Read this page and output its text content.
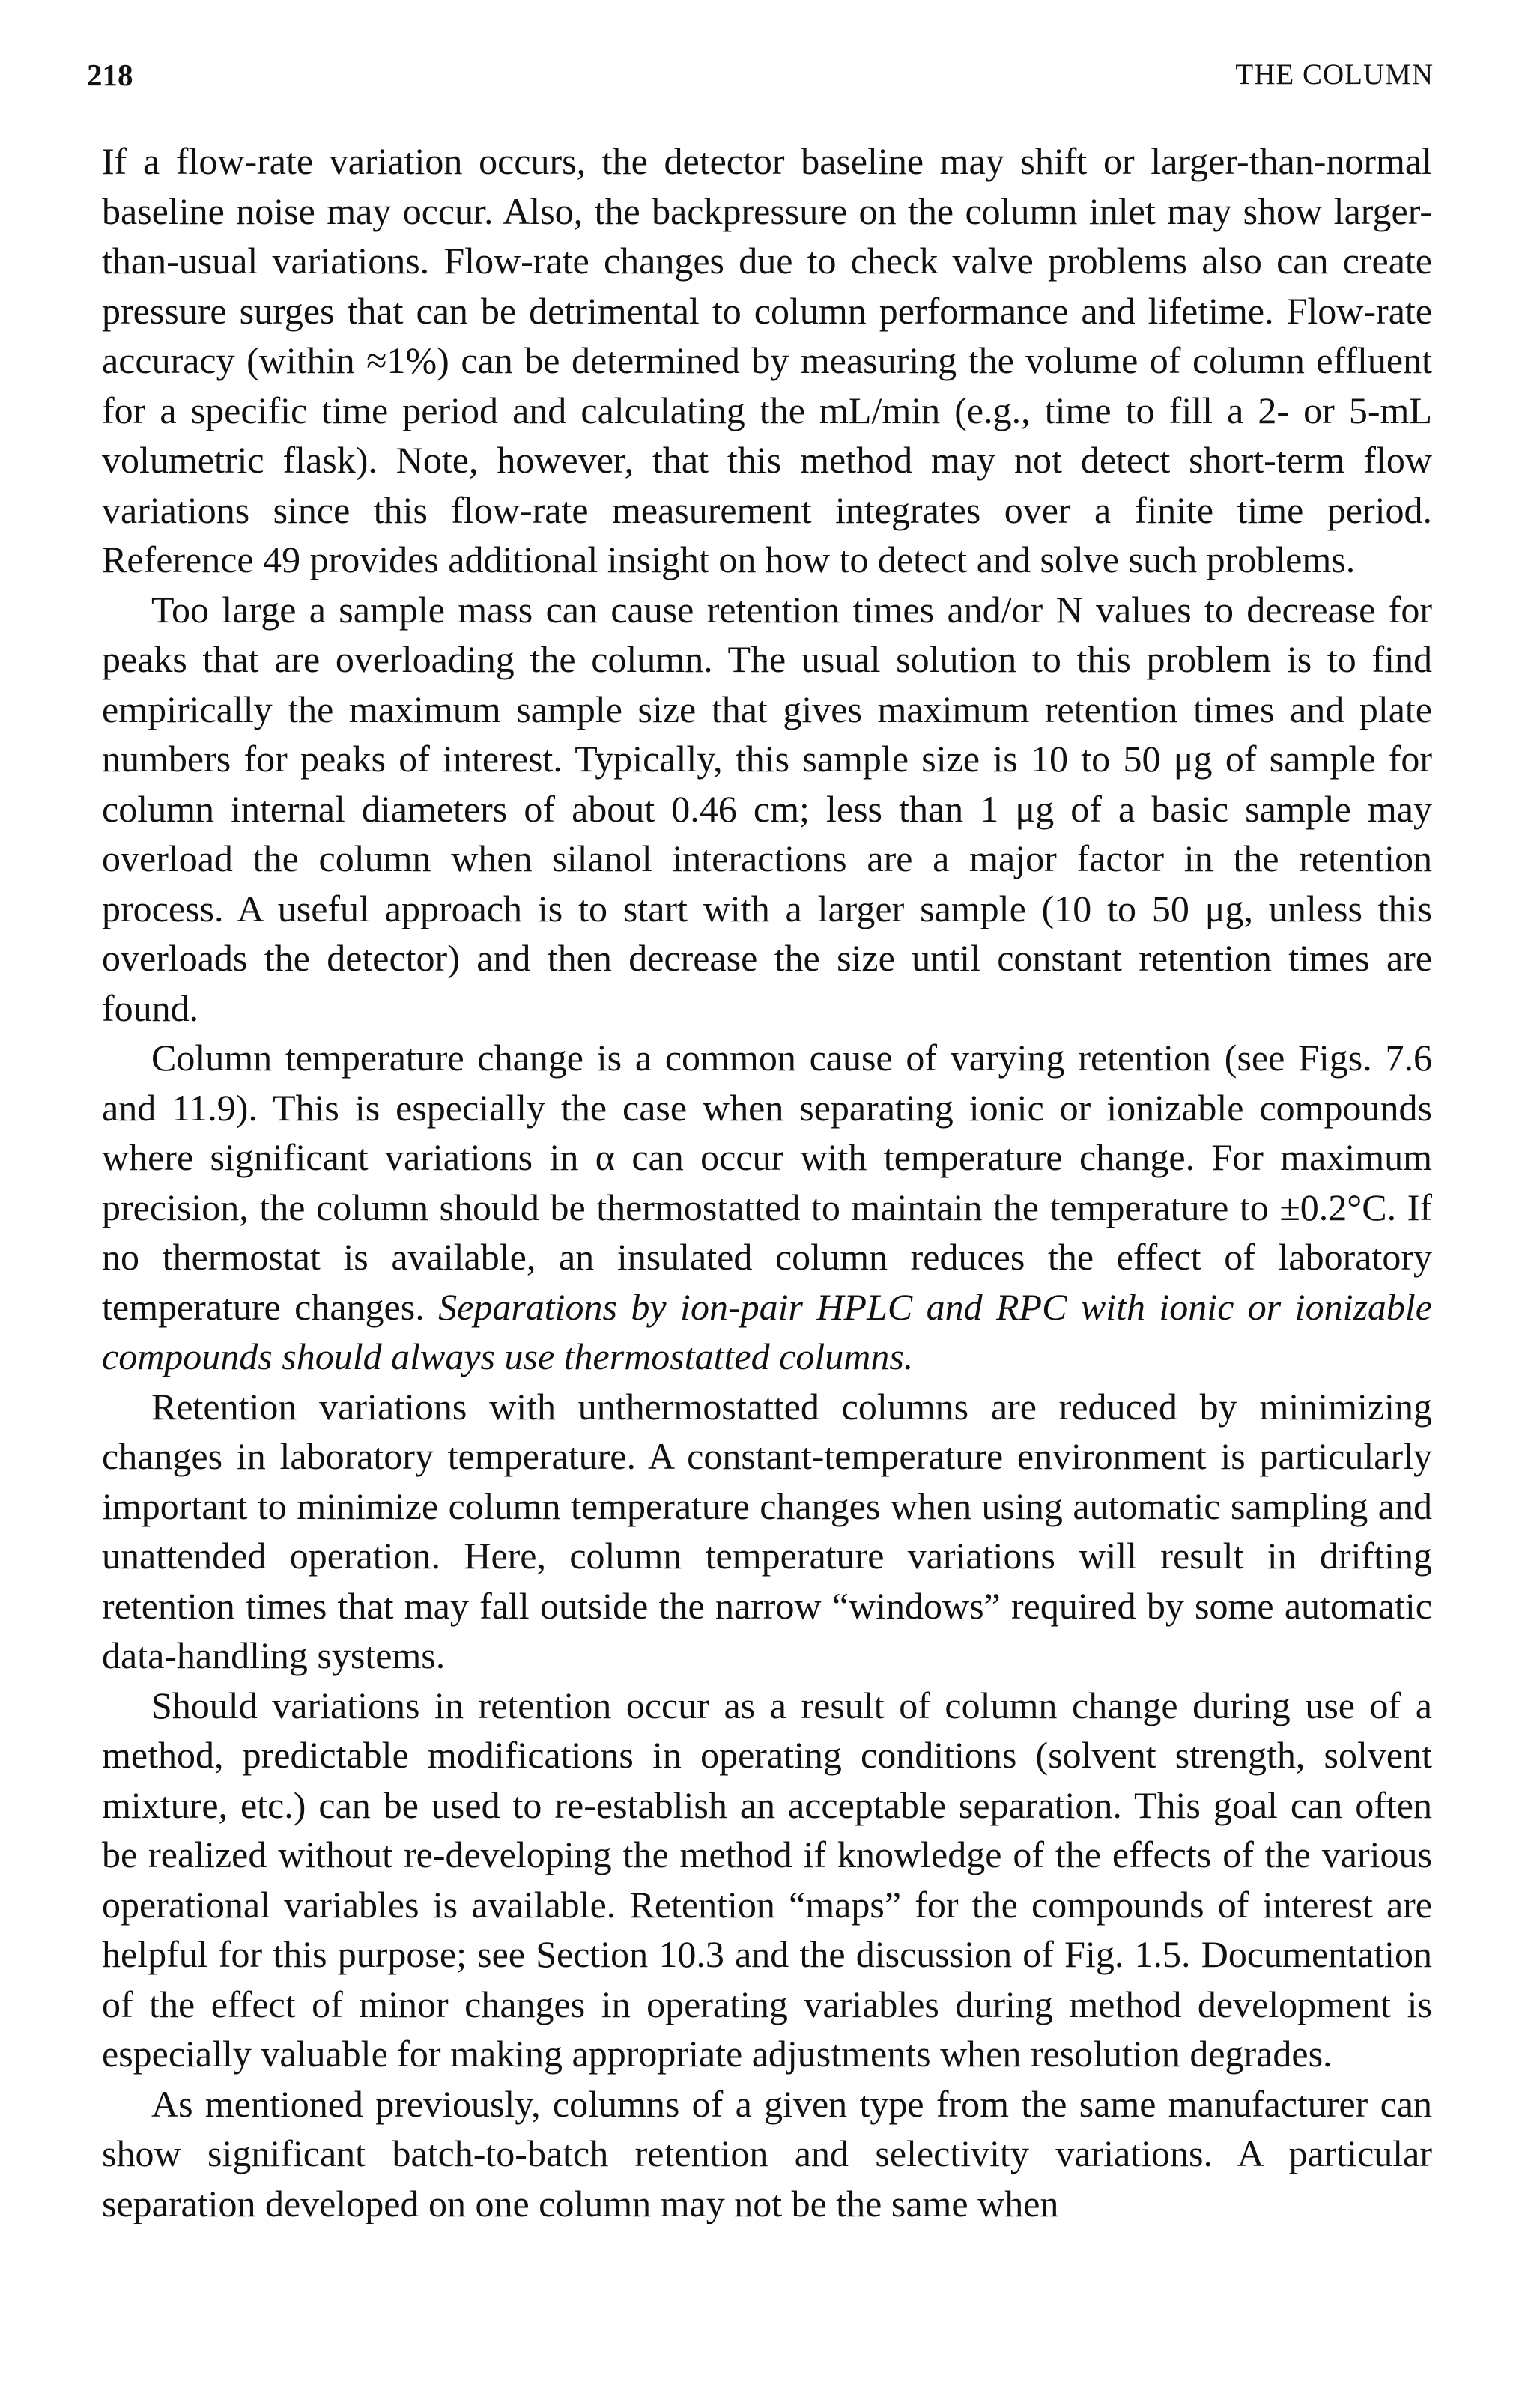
218	THE COLUMN

If a flow-rate variation occurs, the detector baseline may shift or larger-than-normal baseline noise may occur. Also, the backpressure on the column inlet may show larger-than-usual variations. Flow-rate changes due to check valve problems also can create pressure surges that can be detrimental to column performance and lifetime. Flow-rate accuracy (within ≈1%) can be determined by measuring the volume of column effluent for a specific time period and calculating the mL/min (e.g., time to fill a 2- or 5-mL volumetric flask). Note, however, that this method may not detect short-term flow variations since this flow-rate measurement integrates over a finite time period. Reference 49 provides additional insight on how to detect and solve such problems.

Too large a sample mass can cause retention times and/or N values to decrease for peaks that are overloading the column. The usual solution to this problem is to find empirically the maximum sample size that gives maximum retention times and plate numbers for peaks of interest. Typically, this sample size is 10 to 50 μg of sample for column internal diameters of about 0.46 cm; less than 1 μg of a basic sample may overload the column when silanol interactions are a major factor in the retention process. A useful approach is to start with a larger sample (10 to 50 μg, unless this overloads the detector) and then decrease the size until constant retention times are found.

Column temperature change is a common cause of varying retention (see Figs. 7.6 and 11.9). This is especially the case when separating ionic or ionizable compounds where significant variations in α can occur with temperature change. For maximum precision, the column should be thermostatted to maintain the temperature to ±0.2°C. If no thermostat is available, an insulated column reduces the effect of laboratory temperature changes. Separations by ion-pair HPLC and RPC with ionic or ionizable compounds should always use thermostatted columns.

Retention variations with unthermostatted columns are reduced by minimizing changes in laboratory temperature. A constant-temperature environment is particularly important to minimize column temperature changes when using automatic sampling and unattended operation. Here, column temperature variations will result in drifting retention times that may fall outside the narrow “windows” required by some automatic data-handling systems.

Should variations in retention occur as a result of column change during use of a method, predictable modifications in operating conditions (solvent strength, solvent mixture, etc.) can be used to re-establish an acceptable separation. This goal can often be realized without re-developing the method if knowledge of the effects of the various operational variables is available. Retention “maps” for the compounds of interest are helpful for this purpose; see Section 10.3 and the discussion of Fig. 1.5. Documentation of the effect of minor changes in operating variables during method development is especially valuable for making appropriate adjustments when resolution degrades.

As mentioned previously, columns of a given type from the same manufacturer can show significant batch-to-batch retention and selectivity variations. A particular separation developed on one column may not be the same when
